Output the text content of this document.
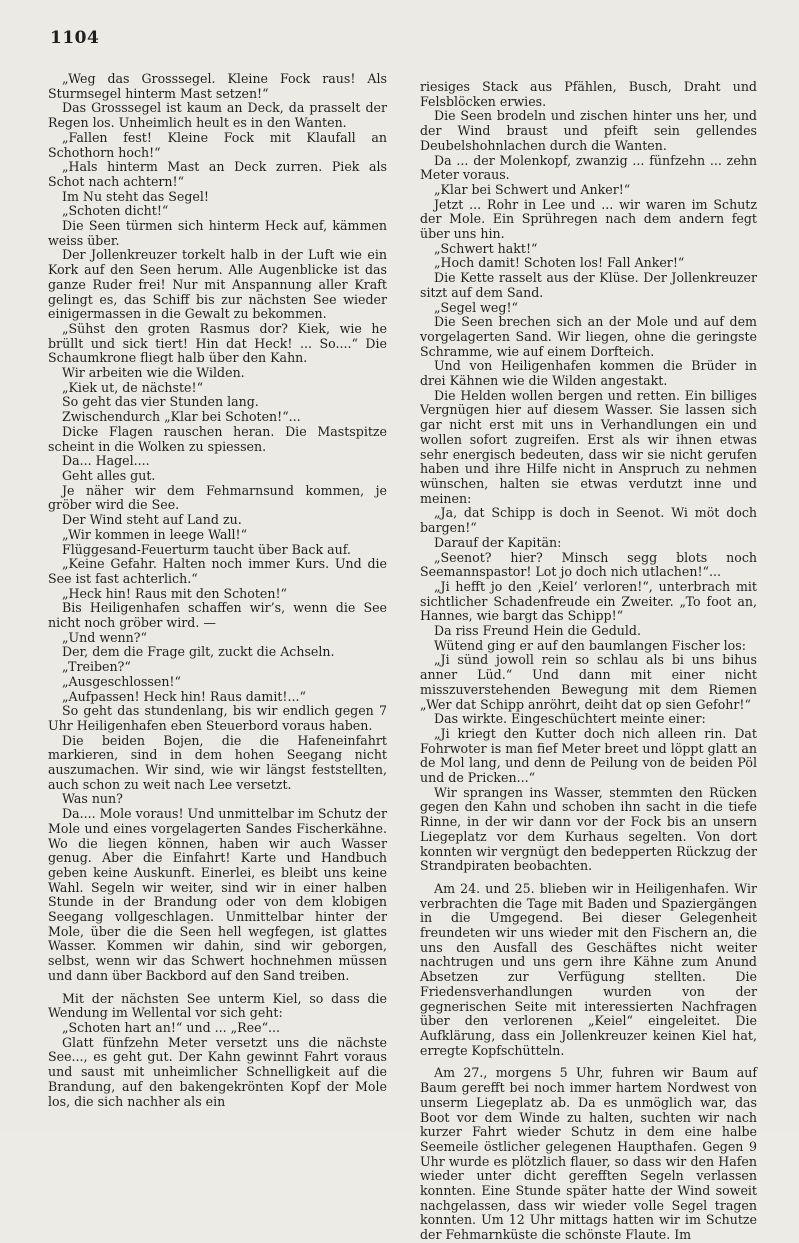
1104

„Weg das Grosssegel. Kleine Fock raus! Als Sturmsegel hinterm Mast setzen!“

Das Grosssegel ist kaum an Deck, da prasselt der Regen los. Unheimlich heult es in den Wanten.

„Fallen fest! Kleine Fock mit Klaufall an Schothorn hoch!“

„Hals hinterm Mast an Deck zurren. Piek als Schot nach achtern!“

Im Nu steht das Segel!

„Schoten dicht!“

Die Seen türmen sich hinterm Heck auf, kämmen weiss über.

Der Jollenkreuzer torkelt halb in der Luft wie ein Kork auf den Seen herum. Alle Augenblicke ist das ganze Ruder frei! Nur mit Anspannung aller Kraft gelingt es, das Schiff bis zur nächsten See wieder einigermassen in die Gewalt zu bekommen.

„Sühst den groten Rasmus dor? Kiek, wie he brüllt und sick tiert! Hin dat Heck! ... So....“ Die Schaumkrone fliegt halb über den Kahn.

Wir arbeiten wie die Wilden.

„Kiek ut, de nächste!“

So geht das vier Stunden lang.

Zwischendurch „Klar bei Schoten!“...

Dicke Flagen rauschen heran. Die Mastspitze scheint in die Wolken zu spiessen.

Da... Hagel....

Geht alles gut.

Je näher wir dem Fehmarnsund kommen, je gröber wird die See.

Der Wind steht auf Land zu.

„Wir kommen in leege Wall!“

Flüggesand-Feuerturm taucht über Back auf.

„Keine Gefahr. Halten noch immer Kurs. Und die See ist fast achterlich.“

„Heck hin! Raus mit den Schoten!“

Bis Heiligenhafen schaffen wir’s, wenn die See nicht noch gröber wird. —

„Und wenn?“

Der, dem die Frage gilt, zuckt die Achseln.

„Treiben?“

„Ausgeschlossen!“

„Aufpassen! Heck hin! Raus damit!...“

So geht das stundenlang, bis wir endlich gegen 7 Uhr Heiligenhafen eben Steuerbord voraus haben.

Die beiden Bojen, die die Hafeneinfahrt markieren, sind in dem hohen Seegang nicht auszumachen. Wir sind, wie wir längst feststellten, auch schon zu weit nach Lee versetzt.

Was nun?

Da.... Mole voraus! Und unmittelbar im Schutz der Mole und eines vorgelagerten Sandes Fischerkähne. Wo die liegen können, haben wir auch Wasser genug. Aber die Einfahrt! Karte und Handbuch geben keine Auskunft. Einerlei, es bleibt uns keine Wahl. Segeln wir weiter, sind wir in einer halben Stunde in der Brandung oder von dem klobigen Seegang vollgeschlagen. Unmittelbar hinter der Mole, über die die Seen hell wegfegen, ist glattes Wasser. Kommen wir dahin, sind wir geborgen, selbst, wenn wir das Schwert hochnehmen müssen und dann über Backbord auf den Sand treiben.

Mit der nächsten See unterm Kiel, so dass die Wendung im Wellental vor sich geht:

„Schoten hart an!“ und ... „Ree“...

Glatt fünfzehn Meter versetzt uns die nächste See..., es geht gut. Der Kahn gewinnt Fahrt voraus und saust mit unheimlicher Schnelligkeit auf die Brandung, auf den bakengekrönten Kopf der Mole los, die sich nachher als ein

riesiges Stack aus Pfählen, Busch, Draht und Felsblöcken erwies.

Die Seen brodeln und zischen hinter uns her, und der Wind braust und pfeift sein gellendes Deubelshohnlachen durch die Wanten.

Da ... der Molenkopf, zwanzig ... fünfzehn ... zehn Meter voraus.

„Klar bei Schwert und Anker!“

Jetzt ... Rohr in Lee und ... wir waren im Schutz der Mole. Ein Sprühregen nach dem andern fegt über uns hin.

„Schwert hakt!“

„Hoch damit! Schoten los! Fall Anker!“

Die Kette rasselt aus der Klüse. Der Jollenkreuzer sitzt auf dem Sand.

„Segel weg!“

Die Seen brechen sich an der Mole und auf dem vorgelagerten Sand. Wir liegen, ohne die geringste Schramme, wie auf einem Dorfteich.

Und von Heiligenhafen kommen die Brüder in drei Kähnen wie die Wilden angestakt.

Die Helden wollen bergen und retten. Ein billiges Vergnügen hier auf diesem Wasser. Sie lassen sich gar nicht erst mit uns in Verhandlungen ein und wollen sofort zugreifen. Erst als wir ihnen etwas sehr energisch bedeuten, dass wir sie nicht gerufen haben und ihre Hilfe nicht in Anspruch zu nehmen wünschen, halten sie etwas verdutzt inne und meinen:

„Ja, dat Schipp is doch in Seenot. Wi möt doch bargen!“

Darauf der Kapitän:

„Seenot? hier? Minsch segg blots noch Seemannspastor! Lot jo doch nich utlachen!“...

„Ji hefft jo den ‚Keiel‘ verloren!“, unterbrach mit sichtlicher Schadenfreude ein Zweiter. „To foot an, Hannes, wie bargt das Schipp!“

Da riss Freund Hein die Geduld.

Wütend ging er auf den baumlangen Fischer los:

„Ji sünd jowoll rein so schlau als bi uns bihus anner Lüd.“ Und dann mit einer nicht misszuverstehenden Bewegung mit dem Riemen „Wer dat Schipp anröhrt, deiht dat op sien Gefohr!“

Das wirkte. Eingeschüchtert meinte einer:

„Ji kriegt den Kutter doch nich alleen rin. Dat Fohrwoter is man fief Meter breet und löppt glatt an de Mol lang, und denn de Peilung von de beiden Pöl und de Pricken...“

Wir sprangen ins Wasser, stemmten den Rücken gegen den Kahn und schoben ihn sacht in die tiefe Rinne, in der wir dann vor der Fock bis an unsern Liegeplatz vor dem Kurhaus segelten. Von dort konnten wir vergnügt den bedepperten Rückzug der Strandpiraten beobachten.

Am 24. und 25. blieben wir in Heiligenhafen. Wir verbrachten die Tage mit Baden und Spaziergängen in die Umgegend. Bei dieser Gelegenheit freundeten wir uns wieder mit den Fischern an, die uns den Ausfall des Geschäftes nicht weiter nachtrugen und uns gern ihre Kähne zum Anund Absetzen zur Verfügung stellten. Die Friedensverhandlungen wurden von der gegnerischen Seite mit interessierten Nachfragen über den verlorenen „Keiel“ eingeleitet. Die Aufklärung, dass ein Jollenkreuzer keinen Kiel hat, erregte Kopfschütteln.

Am 27., morgens 5 Uhr, fuhren wir Baum auf Baum gerefft bei noch immer hartem Nordwest von unserm Liegeplatz ab. Da es unmöglich war, das Boot vor dem Winde zu halten, suchten wir nach kurzer Fahrt wieder Schutz in dem eine halbe Seemeile östlicher gelegenen Haupthafen. Gegen 9 Uhr wurde es plötzlich flauer, so dass wir den Hafen wieder unter dicht gerefften Segeln verlassen konnten. Eine Stunde später hatte der Wind soweit nachgelassen, dass wir wieder volle Segel tragen konnten. Um 12 Uhr mittags hatten wir im Schutze der Fehmarnküste die schönste Flaute. Im
